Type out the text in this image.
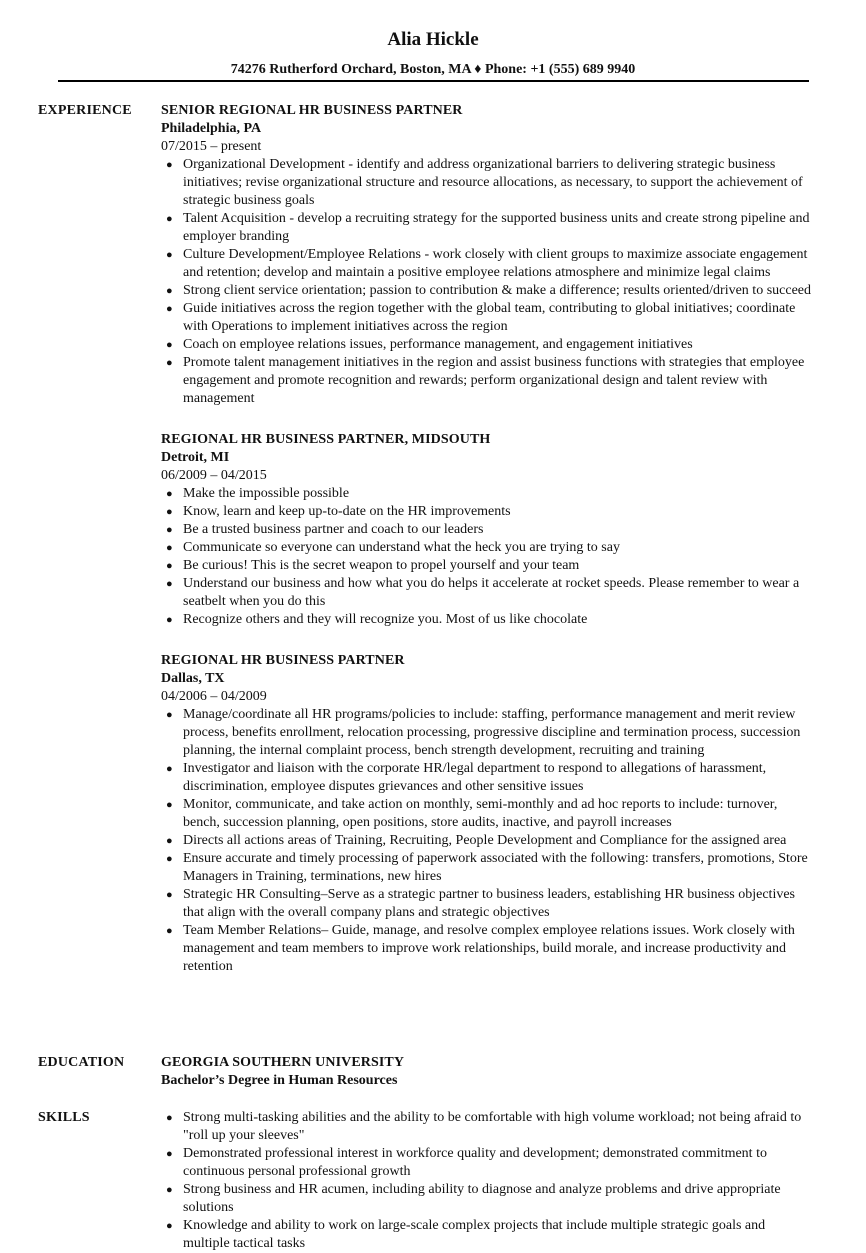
Alia Hickle
74276 Rutherford Orchard, Boston, MA ♦ Phone: +1 (555) 689 9940
EXPERIENCE SENIOR REGIONAL HR BUSINESS PARTNER
Philadelphia, PA
07/2015 – present
● Organizational Development - identify and address organizational barriers to delivering strategic business initiatives; revise organizational structure and resource allocations, as necessary, to support the achievement of strategic business goals
● Talent Acquisition - develop a recruiting strategy for the supported business units and create strong pipeline and employer branding
● Culture Development/Employee Relations - work closely with client groups to maximize associate engagement and retention; develop and maintain a positive employee relations atmosphere and minimize legal claims
● Strong client service orientation; passion to contribution & make a difference; results oriented/driven to succeed
● Guide initiatives across the region together with the global team, contributing to global initiatives; coordinate with Operations to implement initiatives across the region
● Coach on employee relations issues, performance management, and engagement initiatives
● Promote talent management initiatives in the region and assist business functions with strategies that employee engagement and promote recognition and rewards; perform organizational design and talent review with management
REGIONAL HR BUSINESS PARTNER, MIDSOUTH
Detroit, MI
06/2009 – 04/2015
● Make the impossible possible
● Know, learn and keep up-to-date on the HR improvements
● Be a trusted business partner and coach to our leaders
● Communicate so everyone can understand what the heck you are trying to say
● Be curious! This is the secret weapon to propel yourself and your team
● Understand our business and how what you do helps it accelerate at rocket speeds. Please remember to wear a seatbelt when you do this
● Recognize others and they will recognize you. Most of us like chocolate
REGIONAL HR BUSINESS PARTNER
Dallas, TX
04/2006 – 04/2009
● Manage/coordinate all HR programs/policies to include: staffing, performance management and merit review process, benefits enrollment, relocation processing, progressive discipline and termination process, succession planning, the internal complaint process, bench strength development, recruiting and training
● Investigator and liaison with the corporate HR/legal department to respond to allegations of harassment, discrimination, employee disputes grievances and other sensitive issues
● Monitor, communicate, and take action on monthly, semi-monthly and ad hoc reports to include: turnover, bench, succession planning, open positions, store audits, inactive, and payroll increases
● Directs all actions areas of Training, Recruiting, People Development and Compliance for the assigned area
● Ensure accurate and timely processing of paperwork associated with the following: transfers, promotions, Store Managers in Training, terminations, new hires
● Strategic HR Consulting–Serve as a strategic partner to business leaders, establishing HR business objectives that align with the overall company plans and strategic objectives
● Team Member Relations– Guide, manage, and resolve complex employee relations issues. Work closely with management and team members to improve work relationships, build morale, and increase productivity and retention
EDUCATION	GEORGIA SOUTHERN UNIVERSITY
Bachelor’s Degree in Human Resources
SKILLS	● Strong multi-tasking abilities and the ability to be comfortable with high volume workload; not being afraid to "roll up your sleeves"
● Demonstrated professional interest in workforce quality and development; demonstrated commitment to continuous personal professional growth
● Strong business and HR acumen, including ability to diagnose and analyze problems and drive appropriate solutions
● Knowledge and ability to work on large-scale complex projects that include multiple strategic goals and multiple tactical tasks
